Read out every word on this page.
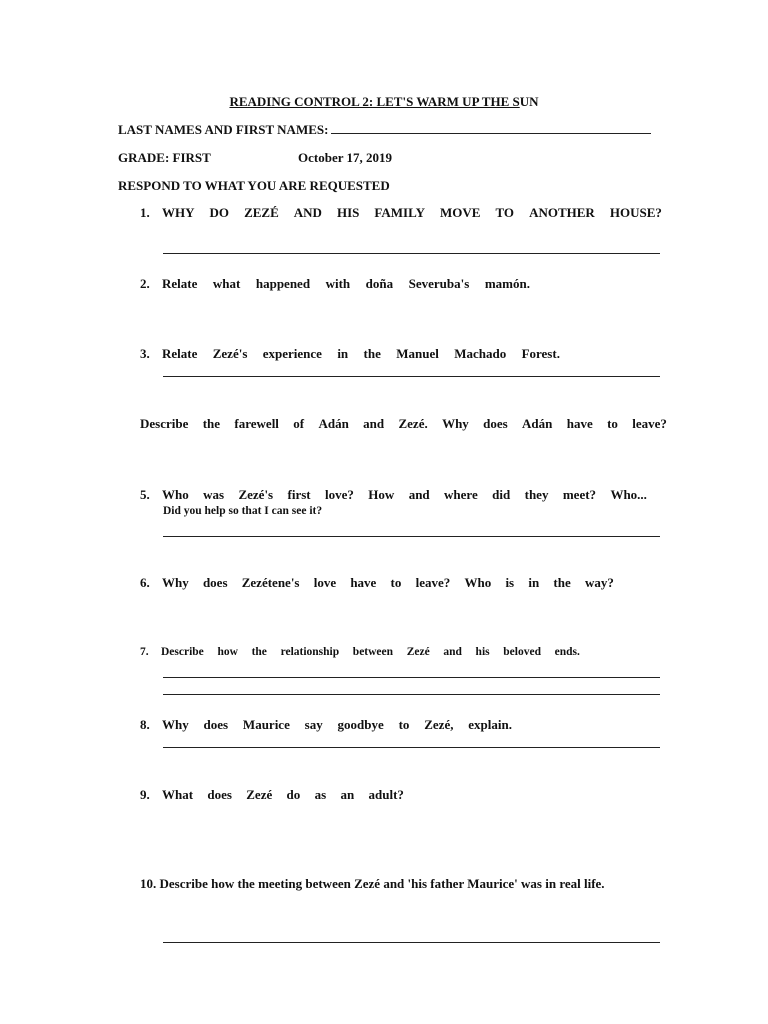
READING CONTROL 2: LET'S WARM UP THE SUN
LAST NAMES AND FIRST NAMES:
GRADE: FIRST	October 17, 2019
RESPOND TO WHAT YOU ARE REQUESTED
1. WHY DO ZEZÉ AND HIS FAMILY MOVE TO ANOTHER HOUSE?
2. Relate what happened with doña Severuba's mamón.
3. Relate Zezé's experience in the Manuel Machado Forest.
Describe the farewell of Adán and Zezé. Why does Adán have to leave?
5. Who was Zezé's first love? How and where did they meet? Who...
Did you help so that I can see it?
6. Why does Zezétene's love have to leave? Who is in the way?
7.	Describe how the relationship between Zezé and his beloved ends.
8. Why does Maurice say goodbye to Zezé, explain.
9. What does Zezé do as an adult?
10.
Describe how the meeting between Zezé and 'his father Maurice' was in real life.
